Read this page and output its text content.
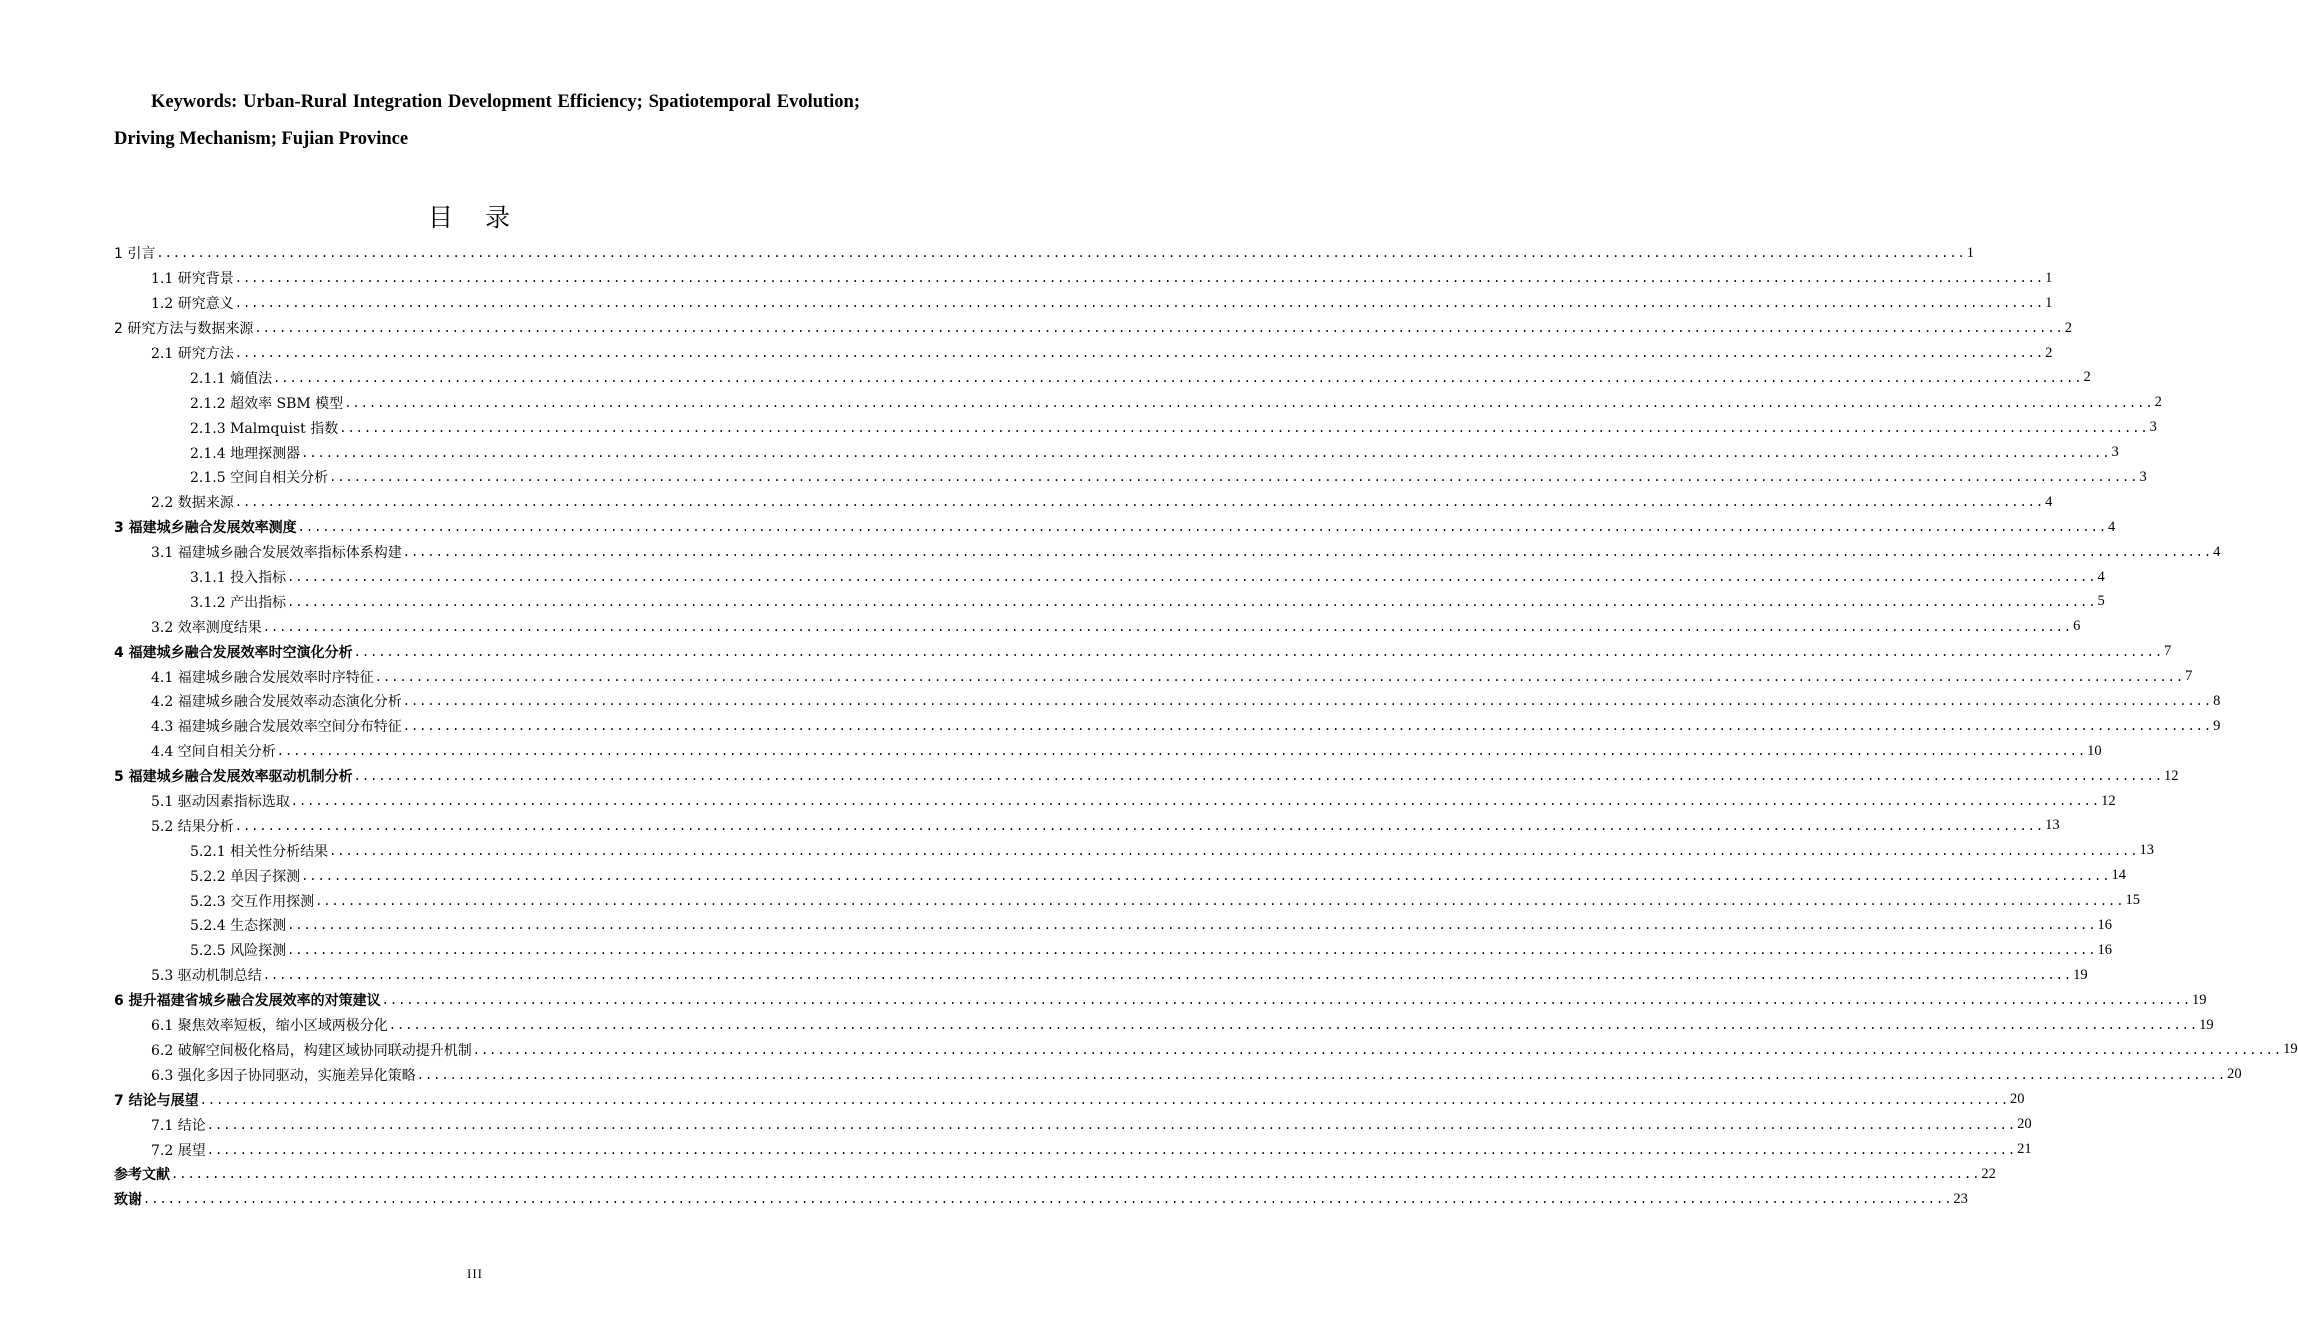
Keywords: Urban-Rural Integration Development Efficiency; Spatiotemporal Evolution; Driving Mechanism; Fujian Province
目 录
1 引言 ............................................................................................................................................................................................................................ 1
1.1 研究背景 ............................................................................................................................................................................................................................ 1
1.2 研究意义 ............................................................................................................................................................................................................................ 1
2 研究方法与数据来源 ............................................................................................................................................................................................................................ 2
2.1 研究方法 ............................................................................................................................................................................................................................ 2
2.1.1 熵值法 ............................................................................................................................................................................................................................ 2
2.1.2 超效率 SBM 模型 ............................................................................................................................................................................................................................ 2
2.1.3 Malmquist 指数 ............................................................................................................................................................................................................................ 3
2.1.4 地理探测器 ............................................................................................................................................................................................................................ 3
2.1.5 空间自相关分析 ............................................................................................................................................................................................................................ 3
2.2 数据来源 ............................................................................................................................................................................................................................ 4
3 福建城乡融合发展效率测度 ............................................................................................................................................................................................................................ 4
3.1 福建城乡融合发展效率指标体系构建 ............................................................................................................................................................................................................................ 4
3.1.1 投入指标 ............................................................................................................................................................................................................................ 4
3.1.2 产出指标 ............................................................................................................................................................................................................................ 5
3.2 效率测度结果 ............................................................................................................................................................................................................................ 6
4 福建城乡融合发展效率时空演化分析 ............................................................................................................................................................................................................................ 7
4.1 福建城乡融合发展效率时序特征 ............................................................................................................................................................................................................................ 7
4.2 福建城乡融合发展效率动态演化分析 ............................................................................................................................................................................................................................ 8
4.3 福建城乡融合发展效率空间分布特征 ............................................................................................................................................................................................................................ 9
4.4 空间自相关分析 ............................................................................................................................................................................................................................ 10
5 福建城乡融合发展效率驱动机制分析 ............................................................................................................................................................................................................................ 12
5.1 驱动因素指标选取 ............................................................................................................................................................................................................................ 12
5.2 结果分析 ............................................................................................................................................................................................................................ 13
5.2.1 相关性分析结果 ............................................................................................................................................................................................................................ 13
5.2.2 单因子探测 ............................................................................................................................................................................................................................ 14
5.2.3 交互作用探测 ............................................................................................................................................................................................................................ 15
5.2.4 生态探测 ............................................................................................................................................................................................................................ 16
5.2.5 风险探测 ............................................................................................................................................................................................................................ 16
5.3 驱动机制总结 ............................................................................................................................................................................................................................ 19
6 提升福建省城乡融合发展效率的对策建议 ............................................................................................................................................................................................................................ 19
6.1 聚焦效率短板，缩小区域两极分化 ............................................................................................................................................................................................................................ 19
6.2 破解空间极化格局，构建区域协同联动提升机制 ............................................................................................................................................................................................................................ 19
6.3 强化多因子协同驱动，实施差异化策略 ............................................................................................................................................................................................................................ 20
7 结论与展望 ............................................................................................................................................................................................................................ 20
7.1 结论 ............................................................................................................................................................................................................................ 20
7.2 展望 ............................................................................................................................................................................................................................ 21
参考文献 ............................................................................................................................................................................................................................ 22
致谢 ............................................................................................................................................................................................................................ 23
III
